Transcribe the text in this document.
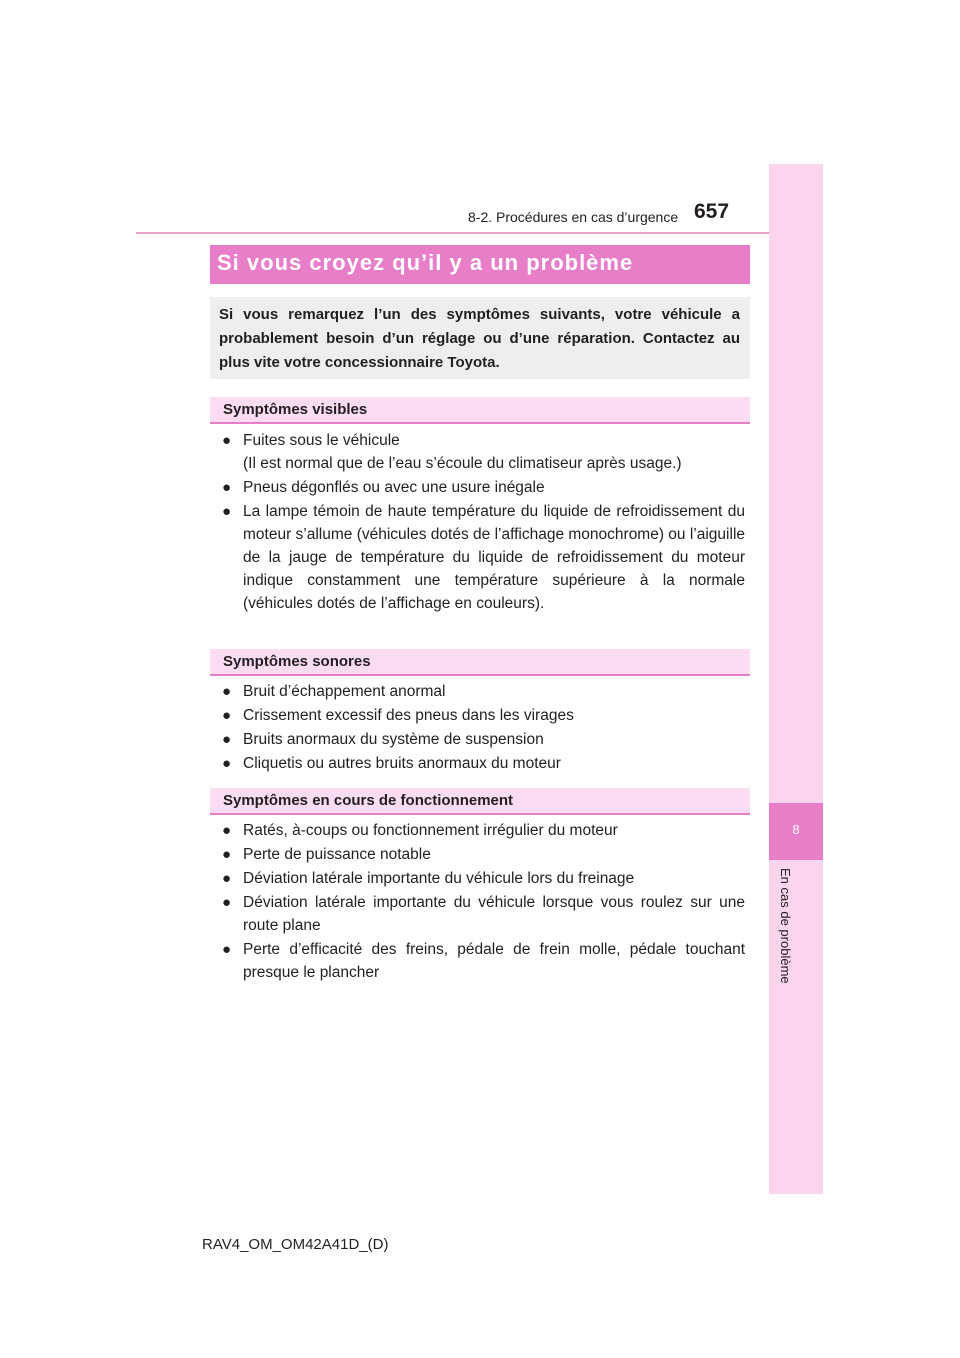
8-2. Procédures en cas d’urgence 657
8
En cas de problème
Si vous croyez qu’il y a un problème
Si vous remarquez l’un des symptômes suivants, votre véhicule a probablement besoin d’un réglage ou d’une réparation. Contactez au plus vite votre concessionnaire Toyota.
Symptômes visibles
● Fuites sous le véhicule
(Il est normal que de l’eau s’écoule du climatiseur après usage.)
● Pneus dégonflés ou avec une usure inégale
● La lampe témoin de haute température du liquide de refroidissement du moteur s’allume (véhicules dotés de l’affichage monochrome) ou l’aiguille de la jauge de température du liquide de refroidissement du moteur indique constamment une température supérieure à la normale (véhicules dotés de l’affichage en couleurs).
Symptômes sonores
● Bruit d’échappement anormal
● Crissement excessif des pneus dans les virages
● Bruits anormaux du système de suspension
● Cliquetis ou autres bruits anormaux du moteur
Symptômes en cours de fonctionnement
● Ratés, à-coups ou fonctionnement irrégulier du moteur
● Perte de puissance notable
● Déviation latérale importante du véhicule lors du freinage
● Déviation latérale importante du véhicule lorsque vous roulez sur une route plane
● Perte d’efficacité des freins, pédale de frein molle, pédale touchant presque le plancher
RAV4_OM_OM42A41D_(D)
